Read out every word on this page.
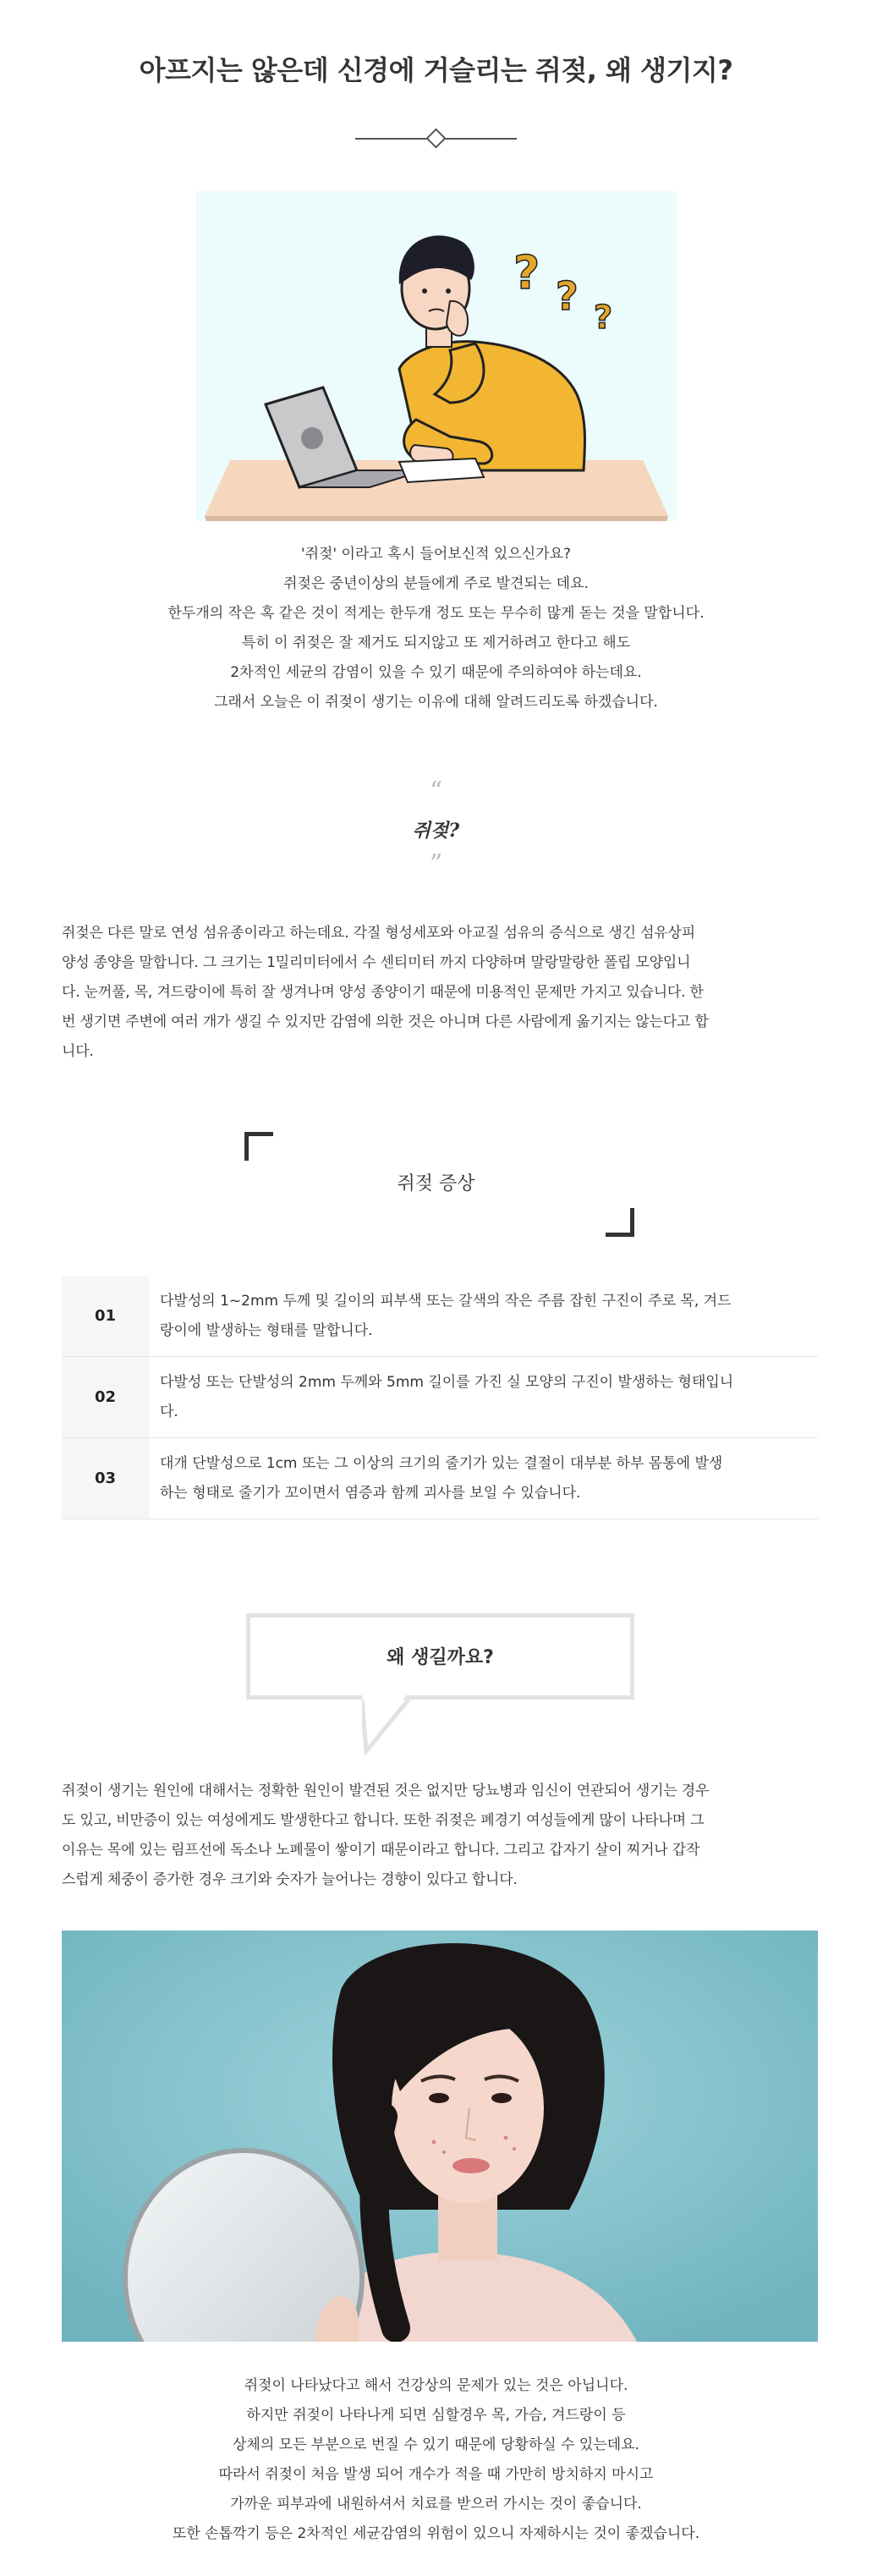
아프지는 않은데 신경에 거슬리는 쥐젖, 왜 생기지?
? ? ?

'쥐젖' 이라고 혹시 들어보신적 있으신가요?

쥐젖은 중년이상의 분들에게 주로 발견되는 데요.

한두개의 작은 혹 같은 것이 적게는 한두개 정도 또는 무수히 많게 돋는 것을 말합니다.

특히 이 쥐젖은 잘 제거도 되지않고 또 제거하려고 한다고 해도

2차적인 세균의 감염이 있을 수 있기 때문에 주의하여야 하는데요.

그래서 오늘은 이 쥐젖이 생기는 이유에 대해 알려드리도록 하겠습니다.

“
쥐젖?
”

쥐젖은 다른 말로 연성 섬유종이라고 하는데요. 각질 형성세포와 아교질 섬유의 증식으로 생긴 섬유상피

양성 종양을 말합니다. 그 크기는 1밀리미터에서 수 센티미터 까지 다양하며 말랑말랑한 폴립 모양입니

다. 눈꺼풀, 목, 겨드랑이에 특히 잘 생겨나며 양성 종양이기 때문에 미용적인 문제만 가지고 있습니다. 한

번 생기면 주변에 여러 개가 생길 수 있지만 감염에 의한 것은 아니며 다른 사람에게 옮기지는 않는다고 합

니다.

쥐젖 증상
01

다발성의 1~2mm 두께 및 길이의 피부색 또는 갈색의 작은 주름 잡힌 구진이 주로 목, 겨드

랑이에 발생하는 형태를 말합니다.

02

다발성 또는 단발성의 2mm 두께와 5mm 길이를 가진 실 모양의 구진이 발생하는 형태입니

다.

03

대개 단발성으로 1cm 또는 그 이상의 크기의 줄기가 있는 결절이 대부분 하부 몸통에 발생

하는 형태로 줄기가 꼬이면서 염증과 함께 괴사를 보일 수 있습니다.

왜 생길까요?

쥐젖이 생기는 원인에 대해서는 정확한 원인이 발견된 것은 없지만 당뇨병과 임신이 연관되어 생기는 경우

도 있고, 비만증이 있는 여성에게도 발생한다고 합니다. 또한 쥐젖은 폐경기 여성들에게 많이 나타나며 그

이유는 목에 있는 림프선에 독소나 노폐물이 쌓이기 때문이라고 합니다. 그리고 갑자기 살이 찌거나 갑작

스럽게 체중이 증가한 경우 크기와 숫자가 늘어나는 경향이 있다고 합니다.

쥐젖이 나타났다고 해서 건강상의 문제가 있는 것은 아닙니다.

하지만 쥐젖이 나타나게 되면 심할경우 목, 가슴, 겨드랑이 등

상체의 모든 부분으로 번질 수 있기 때문에 당황하실 수 있는데요.

따라서 쥐젖이 처음 발생 되어 개수가 적을 때 가만히 방치하지 마시고

가까운 피부과에 내원하셔서 치료를 받으러 가시는 것이 좋습니다.

또한 손톱깍기 등은 2차적인 세균감염의 위험이 있으니 자제하시는 것이 좋겠습니다.
